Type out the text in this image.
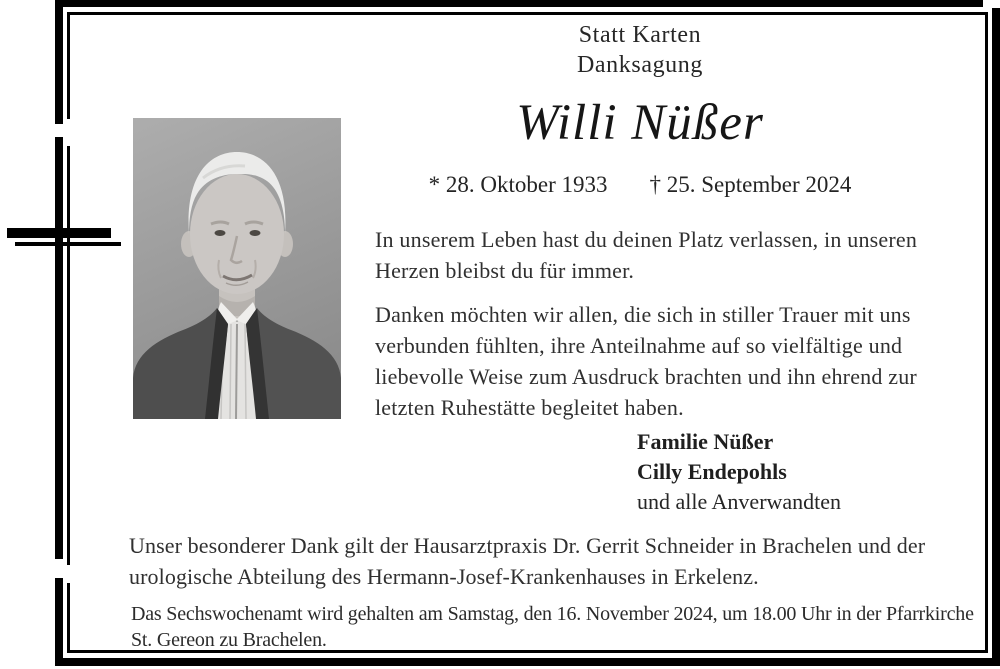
Statt Karten
Danksagung
Willi Nüßer
* 28. Oktober 1933 † 25. September 2024
In unserem Leben hast du deinen Platz verlassen, in unseren
Herzen bleibst du für immer.
Danken möchten wir allen, die sich in stiller Trauer mit uns
verbunden fühlten, ihre Anteilnahme auf so vielfältige und
liebevolle Weise zum Ausdruck brachten und ihn ehrend zur
letzten Ruhestätte begleitet haben.
Familie Nüßer
Cilly Endepohls
und alle Anverwandten
Unser besonderer Dank gilt der Hausarztpraxis Dr. Gerrit Schneider in Brachelen und der
urologische Abteilung des Hermann-Josef-Krankenhauses in Erkelenz.
Das Sechswochenamt wird gehalten am Samstag, den 16. November 2024, um 18.00 Uhr in der Pfarrkirche
St. Gereon zu Brachelen.
